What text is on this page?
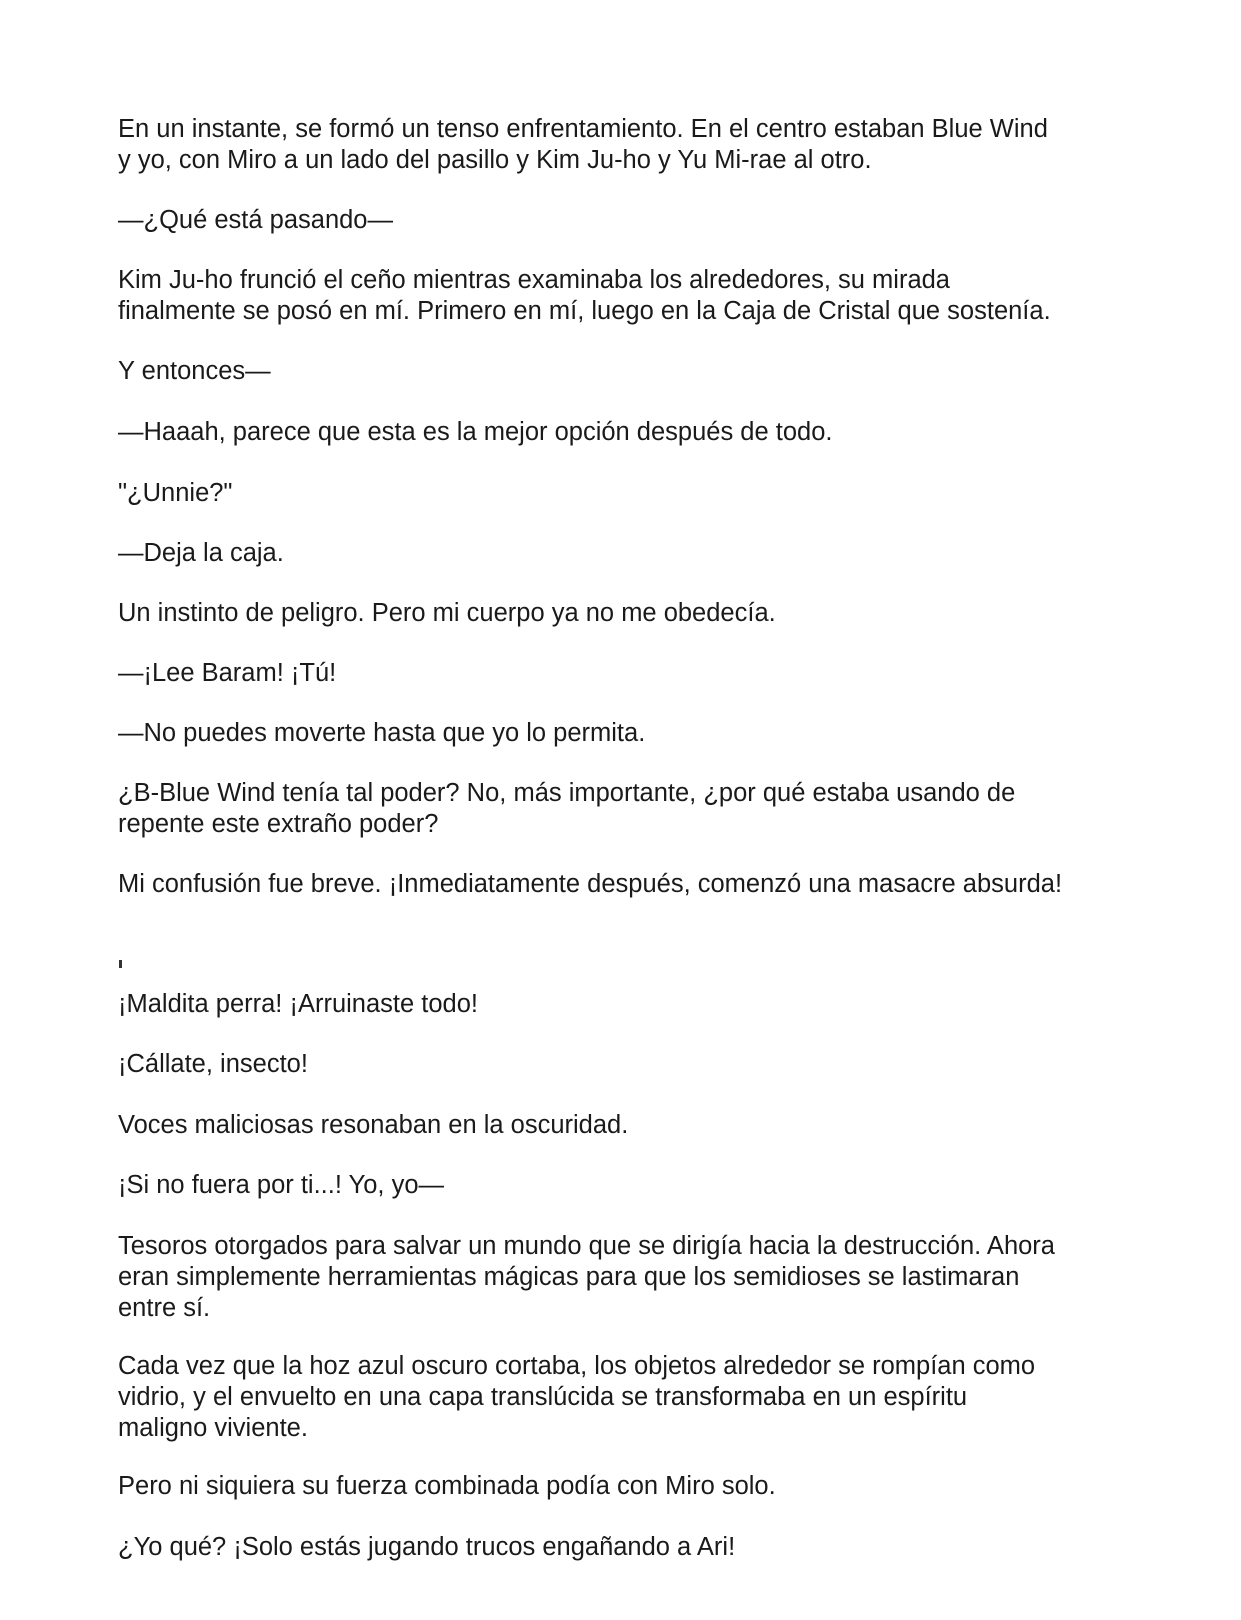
En un instante, se formó un tenso enfrentamiento. En el centro estaban Blue Wind
y yo, con Miro a un lado del pasillo y Kim Ju-ho y Yu Mi-rae al otro.

—¿Qué está pasando—

Kim Ju-ho frunció el ceño mientras examinaba los alrededores, su mirada
finalmente se posó en mí. Primero en mí, luego en la Caja de Cristal que sostenía.

Y entonces—

—Haaah, parece que esta es la mejor opción después de todo.

"¿Unnie?"

—Deja la caja.

Un instinto de peligro. Pero mi cuerpo ya no me obedecía.

—¡Lee Baram! ¡Tú!

—No puedes moverte hasta que yo lo permita.

¿B-Blue Wind tenía tal poder? No, más importante, ¿por qué estaba usando de
repente este extraño poder?

Mi confusión fue breve. ¡Inmediatamente después, comenzó una masacre absurda!

¡Maldita perra! ¡Arruinaste todo!

¡Cállate, insecto!

Voces maliciosas resonaban en la oscuridad.

¡Si no fuera por ti...! Yo, yo—

Tesoros otorgados para salvar un mundo que se dirigía hacia la destrucción. Ahora
eran simplemente herramientas mágicas para que los semidioses se lastimaran
entre sí.

Cada vez que la hoz azul oscuro cortaba, los objetos alrededor se rompían como
vidrio, y el envuelto en una capa translúcida se transformaba en un espíritu
maligno viviente.

Pero ni siquiera su fuerza combinada podía con Miro solo.

¿Yo qué? ¡Solo estás jugando trucos engañando a Ari!
